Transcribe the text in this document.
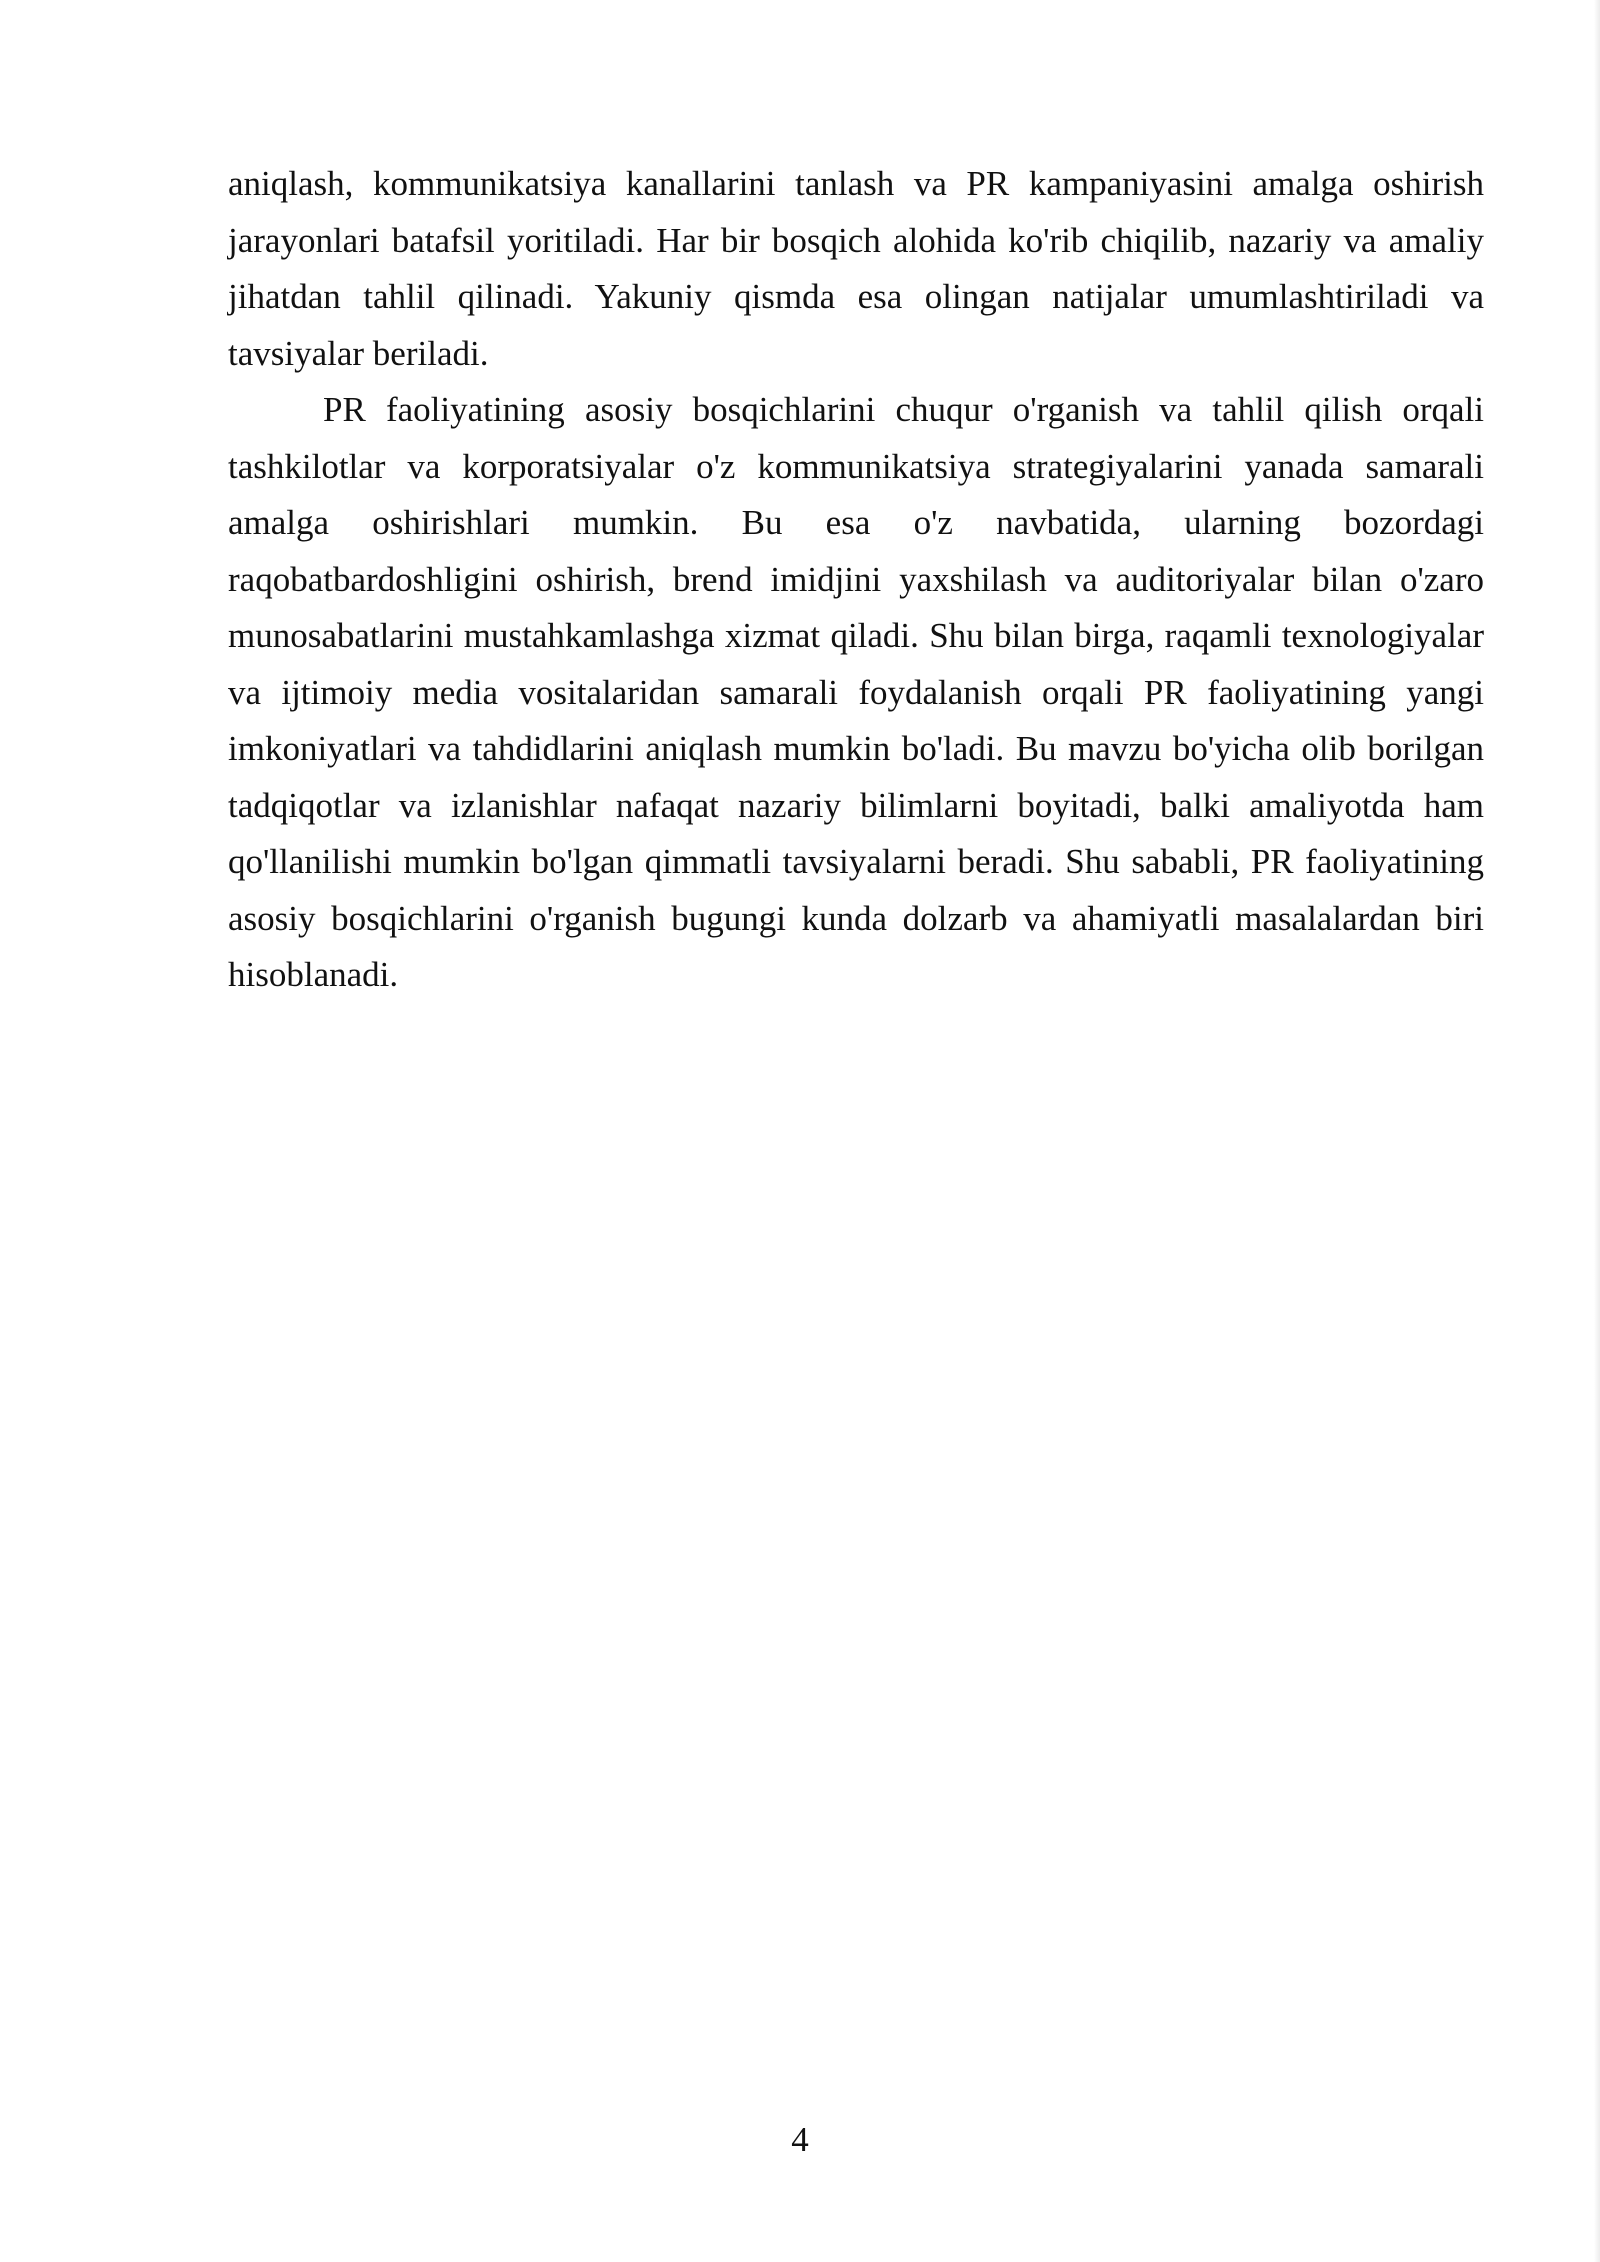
aniqlash, kommunikatsiya kanallarini tanlash va PR kampaniyasini amalga oshirish jarayonlari batafsil yoritiladi. Har bir bosqich alohida ko'rib chiqilib, nazariy va amaliy jihatdan tahlil qilinadi. Yakuniy qismda esa olingan natijalar umumlashtiriladi va tavsiyalar beriladi.

PR faoliyatining asosiy bosqichlarini chuqur o'rganish va tahlil qilish orqali tashkilotlar va korporatsiyalar o'z kommunikatsiya strategiyalarini yanada samarali amalga oshirishlari mumkin. Bu esa o'z navbatida, ularning bozordagi raqobatbardoshligini oshirish, brend imidjini yaxshilash va auditoriyalar bilan o'zaro munosabatlarini mustahkamlashga xizmat qiladi. Shu bilan birga, raqamli texnologiyalar va ijtimoiy media vositalaridan samarali foydalanish orqali PR faoliyatining yangi imkoniyatlari va tahdidlarini aniqlash mumkin bo'ladi. Bu mavzu bo'yicha olib borilgan tadqiqotlar va izlanishlar nafaqat nazariy bilimlarni boyitadi, balki amaliyotda ham qo'llanilishi mumkin bo'lgan qimmatli tavsiyalarni beradi. Shu sababli, PR faoliyatining asosiy bosqichlarini o'rganish bugungi kunda dolzarb va ahamiyatli masalalardan biri hisoblanadi.

4
